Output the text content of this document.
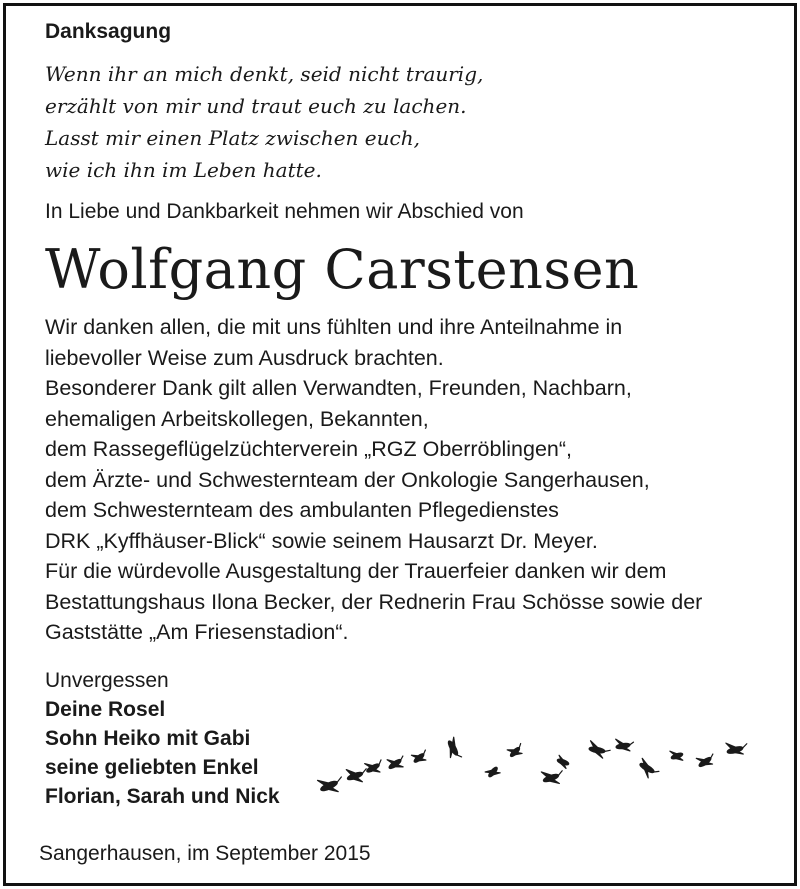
Danksagung

Wenn ihr an mich denkt, seid nicht traurig,
erzählt von mir und traut euch zu lachen.
Lasst mir einen Platz zwischen euch,
wie ich ihn im Leben hatte.

In Liebe und Dankbarkeit nehmen wir Abschied von

Wolfgang Carstensen

Wir danken allen, die mit uns fühlten und ihre Anteilnahme in
liebevoller Weise zum Ausdruck brachten.
Besonderer Dank gilt allen Verwandten, Freunden, Nachbarn,
ehemaligen Arbeitskollegen, Bekannten,
dem Rassegeflügelzüchterverein „RGZ Oberröblingen“,
dem Ärzte- und Schwesternteam der Onkologie Sangerhausen,
dem Schwesternteam des ambulanten Pflegedienstes
DRK „Kyffhäuser-Blick“ sowie seinem Hausarzt Dr. Meyer.
Für die würdevolle Ausgestaltung der Trauerfeier danken wir dem
Bestattungshaus Ilona Becker, der Rednerin Frau Schösse sowie der
Gaststätte „Am Friesenstadion“.

Unvergessen
Deine Rosel
Sohn Heiko mit Gabi
seine geliebten Enkel
Florian, Sarah und Nick
Sangerhausen, im September 2015
